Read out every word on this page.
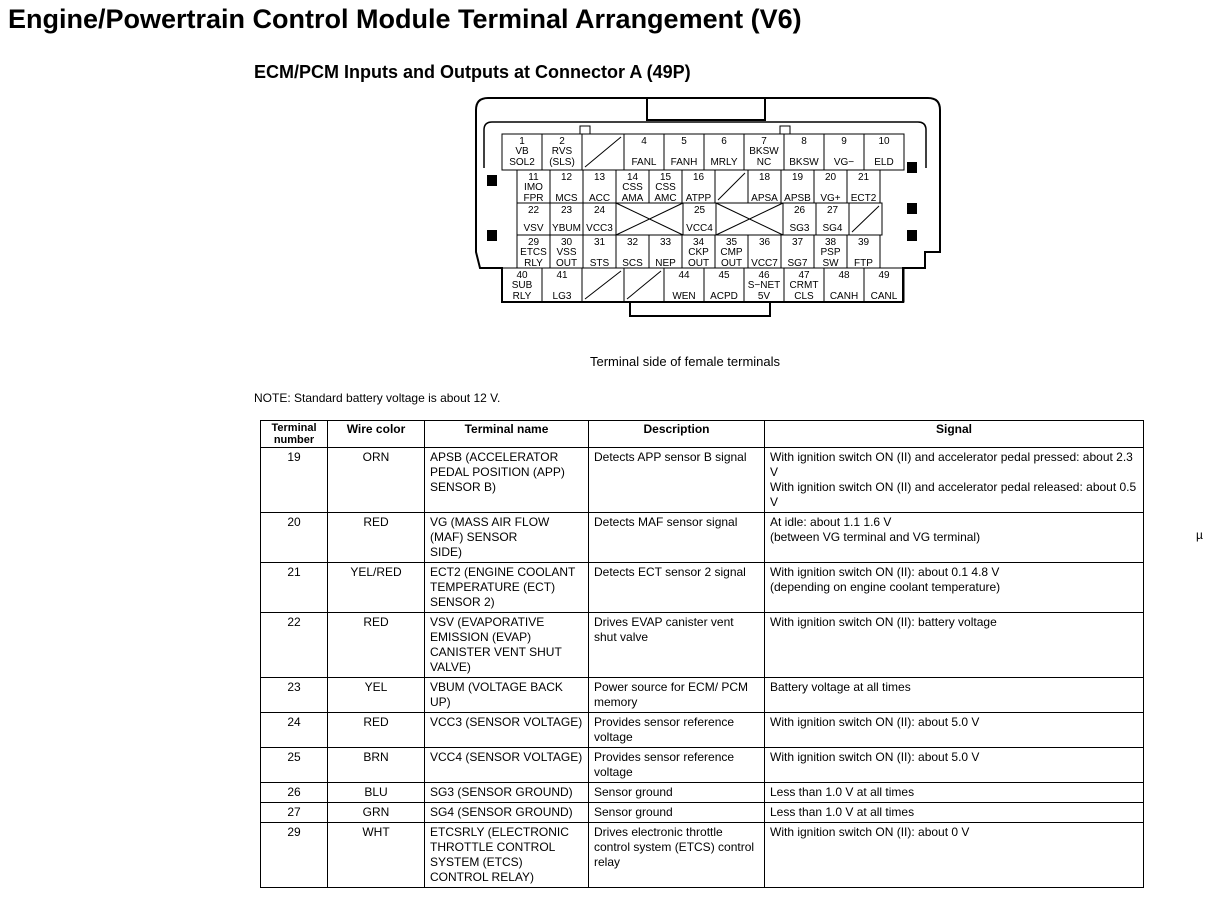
Engine/Powertrain Control Module Terminal Arrangement (V6)
ECM/PCM Inputs and Outputs at Connector A (49P)
1
VB
SOL2
2
RVS
(SLS)
4
FANL
5
FANH
6
MRLY
7
BKSW
NC
8
BKSW
9
VG−
10
ELD
11
IMO
FPR
12
MCS
13
ACC
14
CSS
AMA
15
CSS
AMC
16
ATPP
18
APSA
19
APSB
20
VG+
21
ECT2
29
ETCS
RLY
30
VSS
OUT
31
STS
32
SCS
33
NEP
34
CKP
OUT
35
CMP
OUT
36
VCC7
37
SG7
38
PSP
SW
39
FTP
40
SUB
RLY
41
LG3
44
WEN
45
ACPD
46
S−NET
5V
47
CRMT
CLS
48
CANH
49
CANL
22
VSV
23
YBUM
24
VCC3
25
VCC4
26
SG3
27
SG4
Terminal side of female terminals
NOTE: Standard battery voltage is about 12 V.
µ
Terminal number	Wire color	Terminal name	Description	Signal
19	ORN	APSB (ACCELERATOR PEDAL POSITION (APP) SENSOR B)	Detects APP sensor B signal	With ignition switch ON (II) and accelerator pedal pressed: about 2.3 V
With ignition switch ON (II) and accelerator pedal released: about 0.5 V
20	RED	VG (MASS AIR FLOW (MAF) SENSOR
SIDE)	Detects MAF sensor signal	At idle: about 1.1 1.6 V
(between VG terminal and VG terminal)
21	YEL/RED	ECT2 (ENGINE COOLANT TEMPERATURE (ECT) SENSOR 2)	Detects ECT sensor 2 signal	With ignition switch ON (II): about 0.1 4.8 V
(depending on engine coolant temperature)
22	RED	VSV (EVAPORATIVE EMISSION (EVAP) CANISTER VENT SHUT VALVE)	Drives EVAP canister vent shut valve	With ignition switch ON (II): battery voltage
23	YEL	VBUM (VOLTAGE BACK UP)	Power source for ECM/ PCM memory	Battery voltage at all times
24	RED	VCC3 (SENSOR VOLTAGE)	Provides sensor reference voltage	With ignition switch ON (II): about 5.0 V
25	BRN	VCC4 (SENSOR VOLTAGE)	Provides sensor reference voltage	With ignition switch ON (II): about 5.0 V
26	BLU	SG3 (SENSOR GROUND)	Sensor ground	Less than 1.0 V at all times
27	GRN	SG4 (SENSOR GROUND)	Sensor ground	Less than 1.0 V at all times
29	WHT	ETCSRLY (ELECTRONIC THROTTLE CONTROL SYSTEM (ETCS) CONTROL RELAY)	Drives electronic throttle control system (ETCS) control relay	With ignition switch ON (II): about 0 V
